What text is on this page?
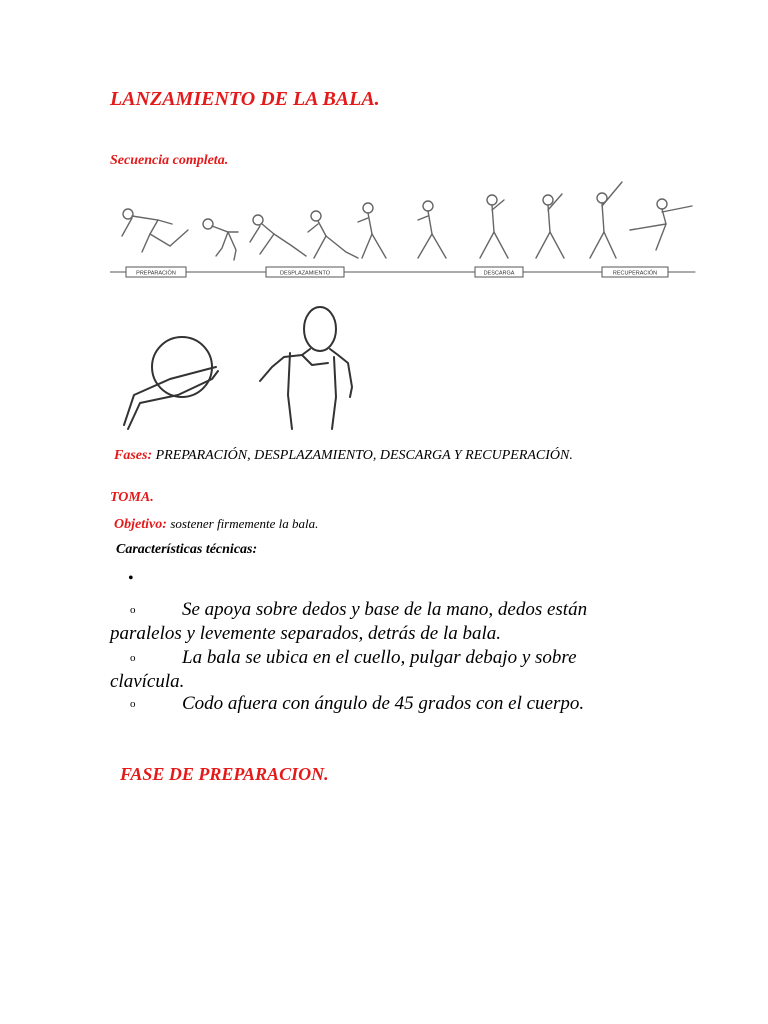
LANZAMIENTO DE LA BALA.
Secuencia completa.
PREPARACIÓN	DESPLAZAMIENTO	DESCARGA	RECUPERACIÓN
Fases: PREPARACIÓN, DESPLAZAMIENTO, DESCARGA Y RECUPERACIÓN.
TOMA.
Objetivo: sostener firmemente la bala.
Características técnicas:
•
o Se apoya sobre dedos y base de la mano, dedos están paralelos y levemente separados, detrás de la bala.
o La bala se ubica en el cuello, pulgar debajo y sobre clavícula.
o Codo afuera con ángulo de 45 grados con el cuerpo.
FASE DE PREPARACION.
